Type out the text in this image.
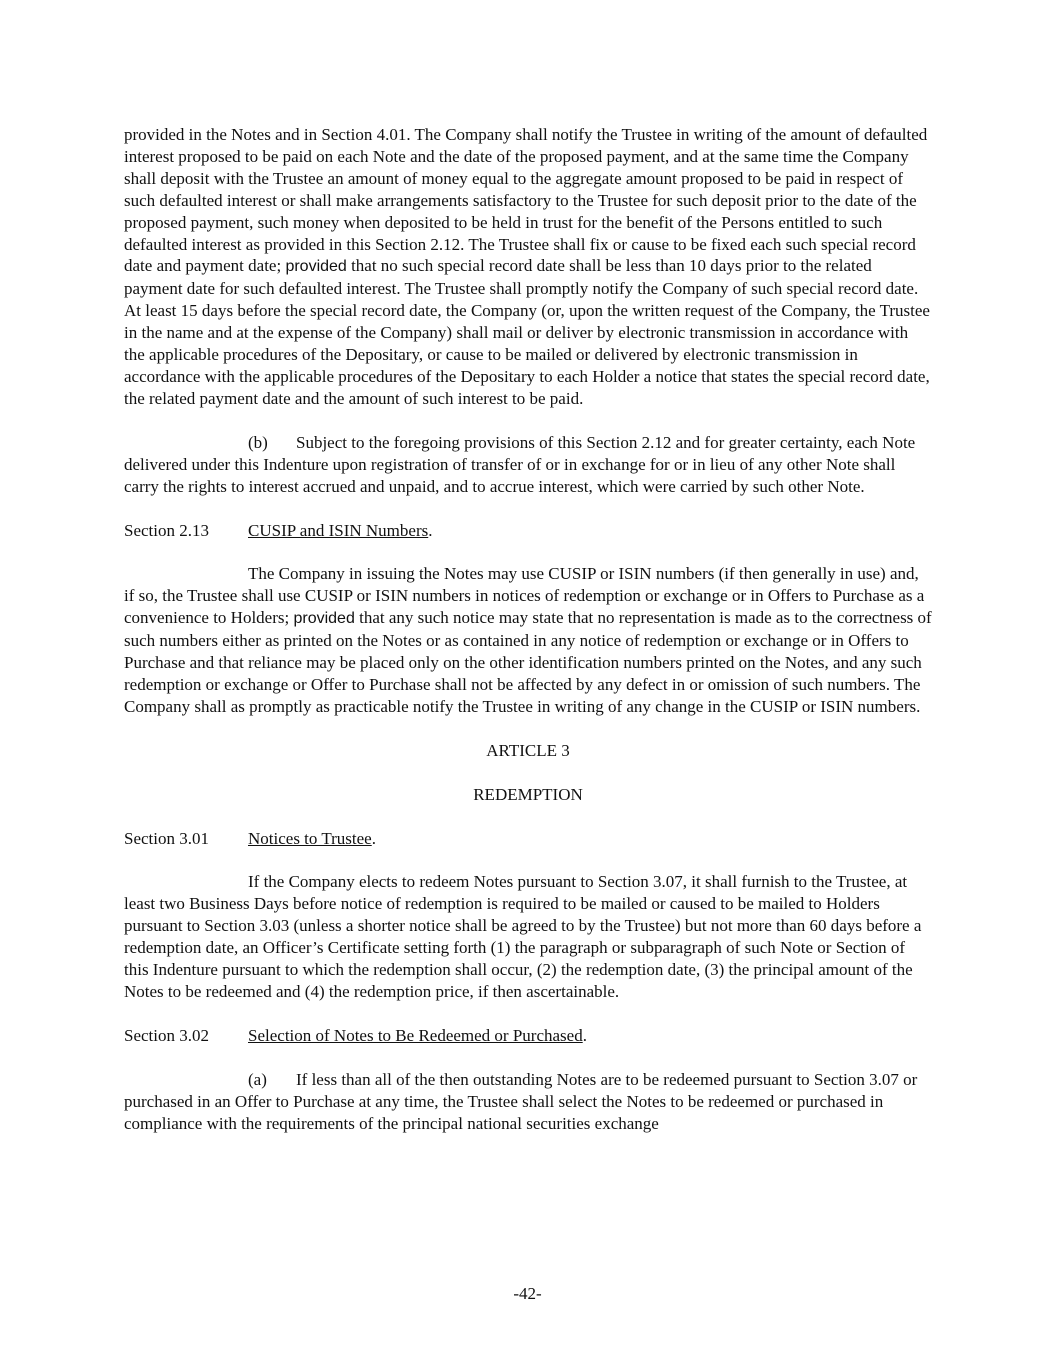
provided in the Notes and in Section 4.01. The Company shall notify the Trustee in writing of the amount of defaulted interest proposed to be paid on each Note and the date of the proposed payment, and at the same time the Company shall deposit with the Trustee an amount of money equal to the aggregate amount proposed to be paid in respect of such defaulted interest or shall make arrangements satisfactory to the Trustee for such deposit prior to the date of the proposed payment, such money when deposited to be held in trust for the benefit of the Persons entitled to such defaulted interest as provided in this Section 2.12. The Trustee shall fix or cause to be fixed each such special record date and payment date; provided that no such special record date shall be less than 10 days prior to the related payment date for such defaulted interest. The Trustee shall promptly notify the Company of such special record date. At least 15 days before the special record date, the Company (or, upon the written request of the Company, the Trustee in the name and at the expense of the Company) shall mail or deliver by electronic transmission in accordance with the applicable procedures of the Depositary, or cause to be mailed or delivered by electronic transmission in accordance with the applicable procedures of the Depositary to each Holder a notice that states the special record date, the related payment date and the amount of such interest to be paid.

(b) Subject to the foregoing provisions of this Section 2.12 and for greater certainty, each Note delivered under this Indenture upon registration of transfer of or in exchange for or in lieu of any other Note shall carry the rights to interest accrued and unpaid, and to accrue interest, which were carried by such other Note.

Section 2.13 CUSIP and ISIN Numbers.

The Company in issuing the Notes may use CUSIP or ISIN numbers (if then generally in use) and, if so, the Trustee shall use CUSIP or ISIN numbers in notices of redemption or exchange or in Offers to Purchase as a convenience to Holders; provided that any such notice may state that no representation is made as to the correctness of such numbers either as printed on the Notes or as contained in any notice of redemption or exchange or in Offers to Purchase and that reliance may be placed only on the other identification numbers printed on the Notes, and any such redemption or exchange or Offer to Purchase shall not be affected by any defect in or omission of such numbers. The Company shall as promptly as practicable notify the Trustee in writing of any change in the CUSIP or ISIN numbers.

ARTICLE 3

REDEMPTION

Section 3.01 Notices to Trustee.

If the Company elects to redeem Notes pursuant to Section 3.07, it shall furnish to the Trustee, at least two Business Days before notice of redemption is required to be mailed or caused to be mailed to Holders pursuant to Section 3.03 (unless a shorter notice shall be agreed to by the Trustee) but not more than 60 days before a redemption date, an Officer’s Certificate setting forth (1) the paragraph or subparagraph of such Note or Section of this Indenture pursuant to which the redemption shall occur, (2) the redemption date, (3) the principal amount of the Notes to be redeemed and (4) the redemption price, if then ascertainable.

Section 3.02 Selection of Notes to Be Redeemed or Purchased.

(a) If less than all of the then outstanding Notes are to be redeemed pursuant to Section 3.07 or purchased in an Offer to Purchase at any time, the Trustee shall select the Notes to be redeemed or purchased in compliance with the requirements of the principal national securities exchange

-42-
